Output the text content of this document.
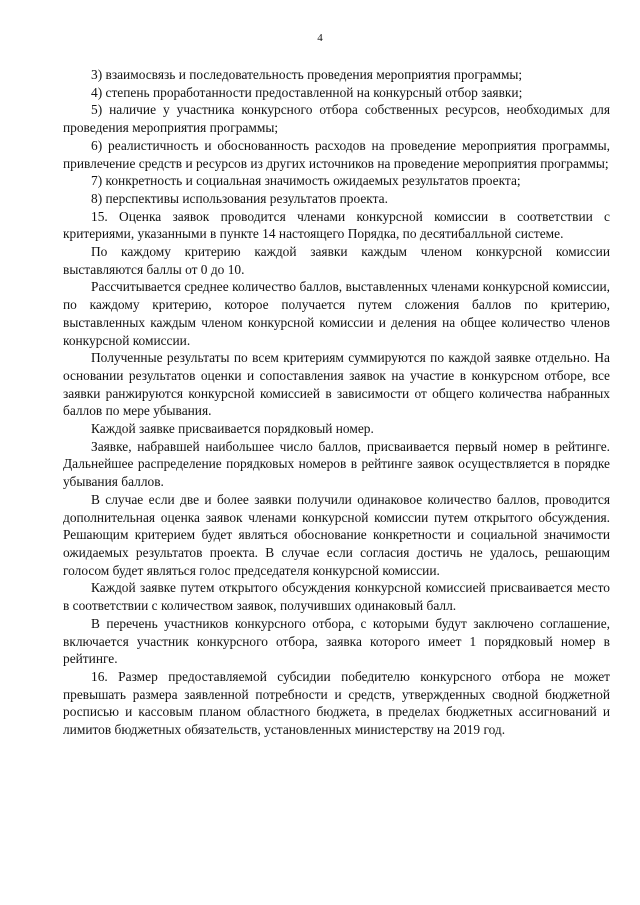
4

3) взаимосвязь и последовательность проведения мероприятия программы;

4) степень проработанности предоставленной на конкурсный отбор заявки;

5) наличие у участника конкурсного отбора собственных ресурсов, необходимых для проведения мероприятия программы;

6) реалистичность и обоснованность расходов на проведение мероприятия программы, привлечение средств и ресурсов из других источников на проведение мероприятия программы;

7) конкретность и социальная значимость ожидаемых результатов проекта;

8) перспективы использования результатов проекта.

15. Оценка заявок проводится членами конкурсной комиссии в соответствии с критериями, указанными в пункте 14 настоящего Порядка, по десятибалльной системе.

По каждому критерию каждой заявки каждым членом конкурсной комиссии выставляются баллы от 0 до 10.

Рассчитывается среднее количество баллов, выставленных членами конкурсной комиссии, по каждому критерию, которое получается путем сложения баллов по критерию, выставленных каждым членом конкурсной комиссии и деления на общее количество членов конкурсной комиссии.

Полученные результаты по всем критериям суммируются по каждой заявке отдельно. На основании результатов оценки и сопоставления заявок на участие в конкурсном отборе, все заявки ранжируются конкурсной комиссией в зависимости от общего количества набранных баллов по мере убывания.

Каждой заявке присваивается порядковый номер.

Заявке, набравшей наибольшее число баллов, присваивается первый номер в рейтинге. Дальнейшее распределение порядковых номеров в рейтинге заявок осуществляется в порядке убывания баллов.

В случае если две и более заявки получили одинаковое количество баллов, проводится дополнительная оценка заявок членами конкурсной комиссии путем открытого обсуждения. Решающим критерием будет являться обоснование конкретности и социальной значимости ожидаемых результатов проекта. В случае если согласия достичь не удалось, решающим голосом будет являться голос председателя конкурсной комиссии.

Каждой заявке путем открытого обсуждения конкурсной комиссией присваивается место в соответствии с количеством заявок, получивших одинаковый балл.

В перечень участников конкурсного отбора, с которыми будут заключено соглашение, включается участник конкурсного отбора, заявка которого имеет 1 порядковый номер в рейтинге.

16. Размер предоставляемой субсидии победителю конкурсного отбора не может превышать размера заявленной потребности и средств, утвержденных сводной бюджетной росписью и кассовым планом областного бюджета, в пределах бюджетных ассигнований и лимитов бюджетных обязательств, установленных министерству на 2019 год.
